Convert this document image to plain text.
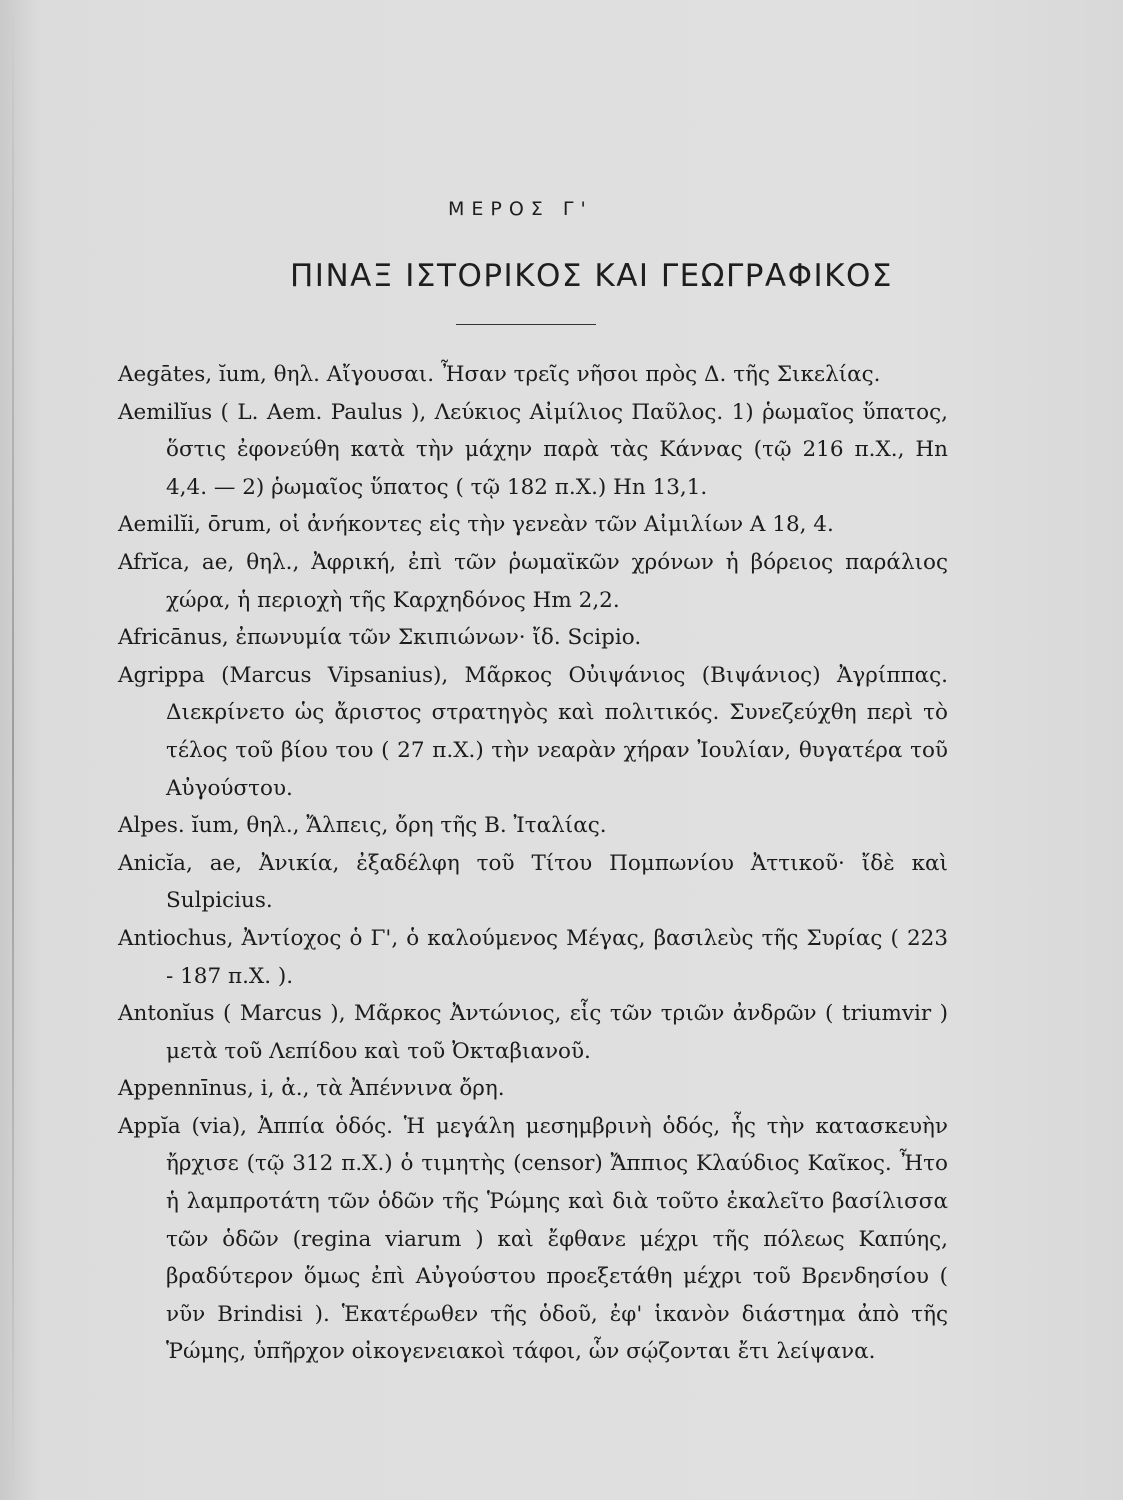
ΜΕΡΟΣ Γ'

ΠΙΝΑΞ ΙΣΤΟΡΙΚΟΣ ΚΑΙ ΓΕΩΓΡΑΦΙΚΟΣ
Aegātes, ĭum, θηλ. Αἴγουσαι. Ἦσαν τρεῖς νῆσοι πρὸς Δ. τῆς Σικελίας.
Aemilĭus ( L. Aem. Paulus ), Λεύκιος Αἰμίλιος Παῦλος. 1) ῥωμαῖος ὕπατος, ὅστις ἐφονεύθη κατὰ τὴν μάχην παρὰ τὰς Κάννας (τῷ 216 π.Χ., Hn 4,4. — 2) ῥωμαῖος ὕπατος ( τῷ 182 π.Χ.) Hn 13,1.
Aemilĭi, ōrum, οἱ ἀνήκοντες εἰς τὴν γενεὰν τῶν Αἰμιλίων A 18, 4.
Afrĭca, ae, θηλ., Ἀφρική, ἐπὶ τῶν ῥωμαϊκῶν χρόνων ἡ βόρειος παράλιος χώρα, ἡ περιοχὴ τῆς Καρχηδόνος Hm 2,2.
Africānus, ἐπωνυμία τῶν Σκιπιώνων· ἴδ. Scipio.
Agrippa (Marcus Vipsanius), Μᾶρκος Οὐιψάνιος (Βιψάνιος) Ἀγρίππας. Διεκρίνετο ὡς ἄριστος στρατηγὸς καὶ πολιτικός. Συνεζεύχθη περὶ τὸ τέλος τοῦ βίου του ( 27 π.Χ.) τὴν νεαρὰν χήραν Ἰουλίαν, θυγατέρα τοῦ Αὐγούστου.
Alpes. ĭum, θηλ., Ἄλπεις, ὄρη τῆς Β. Ἰταλίας.
Anicĭa, ae, Ἀνικία, ἐξαδέλφη τοῦ Τίτου Πομπωνίου Ἀττικοῦ· ἴδὲ καὶ Sulpicius.
Antiochus, Ἀντίοχος ὁ Γ', ὁ καλούμενος Μέγας, βασιλεὺς τῆς Συρίας ( 223 - 187 π.Χ. ).
Antonĭus ( Marcus ), Μᾶρκος Ἀντώνιος, εἷς τῶν τριῶν ἀνδρῶν ( triumvir ) μετὰ τοῦ Λεπίδου καὶ τοῦ Ὀκταβιανοῦ.
Appennīnus, i, ἀ., τὰ Ἀπέννινα ὄρη.
Appĭa (via), Ἀππία ὁδός. Ἡ μεγάλη μεσημβρινὴ ὁδός, ἧς τὴν κατασκευὴν ἤρχισε (τῷ 312 π.Χ.) ὁ τιμητὴς (censor) Ἄππιος Κλαύδιος Καῖκος. Ἦτο ἡ λαμπροτάτη τῶν ὁδῶν τῆς Ῥώμης καὶ διὰ τοῦτο ἐκαλεῖτο βασίλισσα τῶν ὁδῶν (regina viarum ) καὶ ἔφθανε μέχρι τῆς πόλεως Καπύης, βραδύτερον ὅμως ἐπὶ Αὐγούστου προεξετάθη μέχρι τοῦ Βρενδησίου ( νῦν Brindisi ). Ἑκατέρωθεν τῆς ὁδοῦ, ἐφ' ἱκανὸν διάστημα ἀπὸ τῆς Ῥώμης, ὑπῆρχον οἰκογενειακοὶ τάφοι, ὧν σῴζονται ἔτι λείψανα.
